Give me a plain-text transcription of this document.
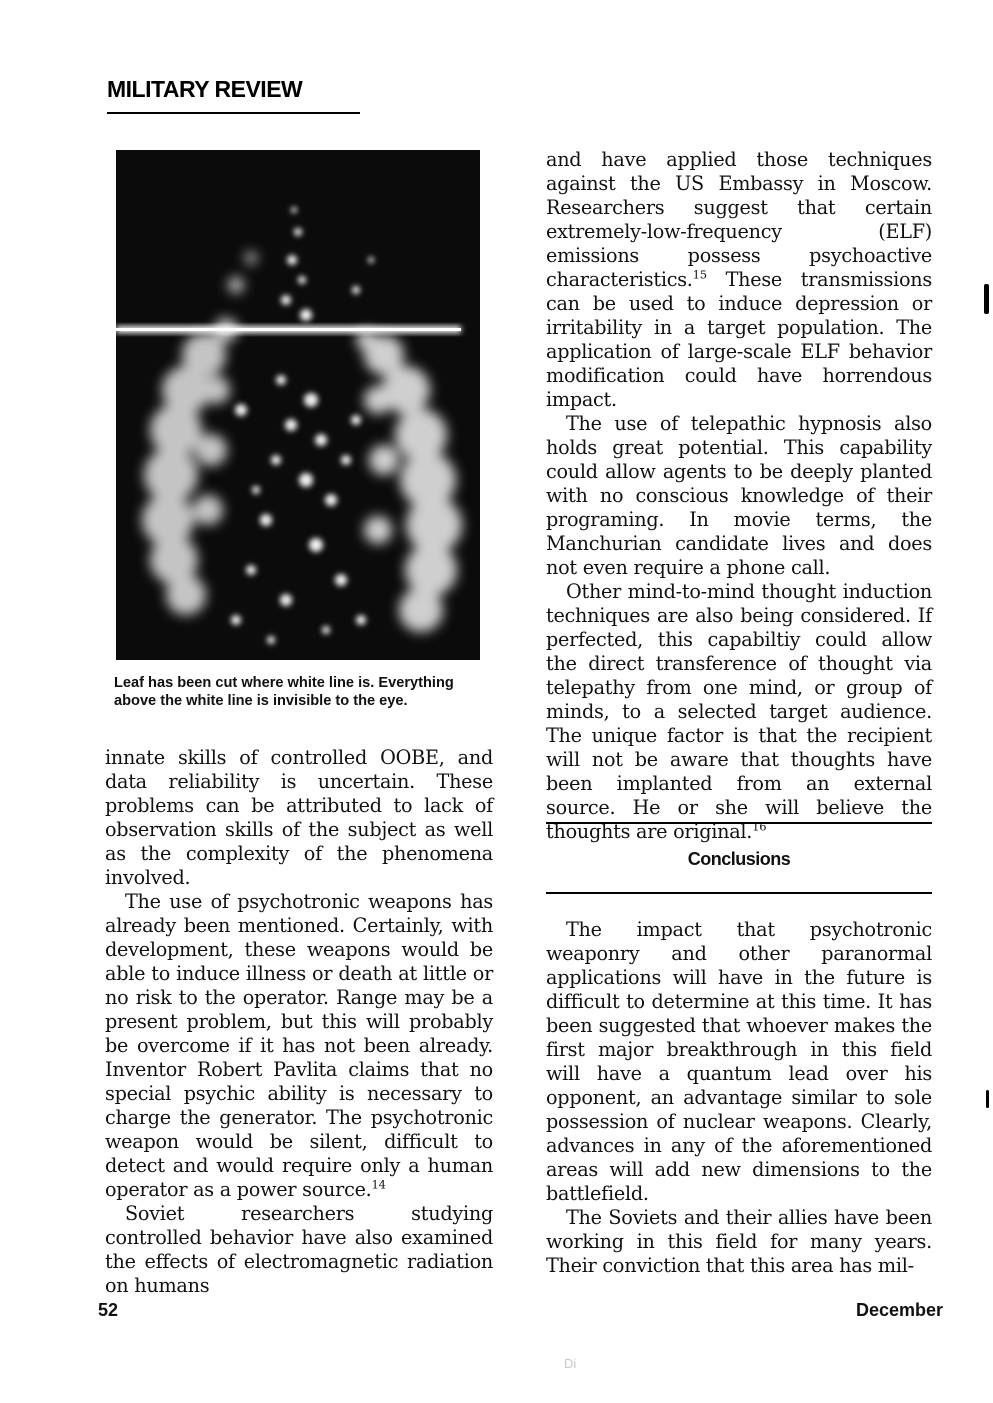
MILITARY REVIEW
Leaf has been cut where white line is. Everything above the white line is invisible to the eye.

innate skills of controlled OOBE, and data reliability is uncertain. These problems can be attributed to lack of observation skills of the subject as well as the complexity of the phenomena involved.

The use of psychotronic weapons has already been mentioned. Certainly, with development, these weapons would be able to induce illness or death at little or no risk to the operator. Range may be a present problem, but this will probably be overcome if it has not been already. Inventor Robert Pavlita claims that no special psychic ability is necessary to charge the generator. The psychotronic weapon would be silent, difficult to detect and would require only a human operator as a power source.$^{14}$

Soviet researchers studying controlled behavior have also examined the effects of electromagnetic radiation on humans

and have applied those techniques against the US Embassy in Moscow. Researchers suggest that certain extremely-low-frequency (ELF) emissions possess psychoactive characteristics.$^{15}$ These transmissions can be used to induce depression or irritability in a target population. The application of large-scale ELF behavior modification could have horrendous impact.

The use of telepathic hypnosis also holds great potential. This capability could allow agents to be deeply planted with no conscious knowledge of their programing. In movie terms, the Manchurian candidate lives and does not even require a phone call.

Other mind-to-mind thought induction techniques are also being considered. If perfected, this capabiltiy could allow the direct transference of thought via telepathy from one mind, or group of minds, to a selected target audience. The unique factor is that the recipient will not be aware that thoughts have been implanted from an external source. He or she will believe the thoughts are original.$^{16}$

Conclusions

The impact that psychotronic weaponry and other paranormal applications will have in the future is difficult to determine at this time. It has been suggested that whoever makes the first major breakthrough in this field will have a quantum lead over his opponent, an advantage similar to sole possession of nuclear weapons. Clearly, advances in any of the aforementioned areas will add new dimensions to the battlefield.

The Soviets and their allies have been working in this field for many years. Their conviction that this area has mil-

52	December
Di
